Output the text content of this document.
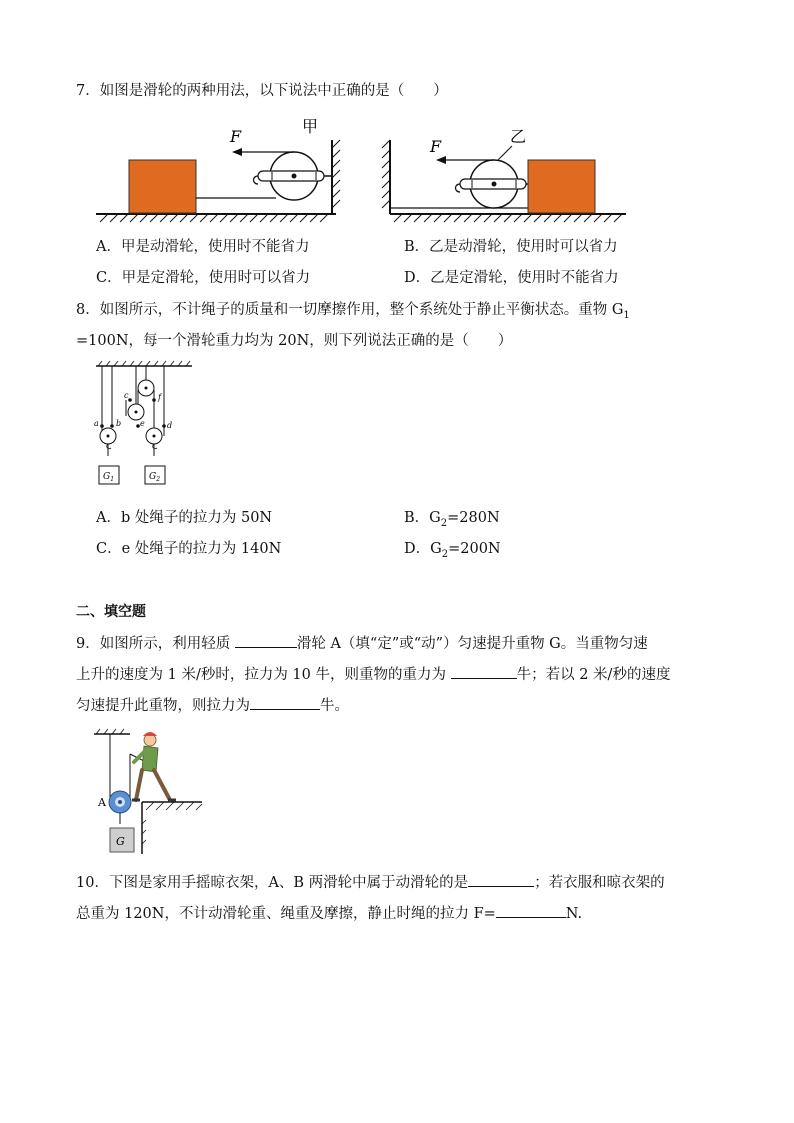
7．如图是滑轮的两种用法，以下说法中正确的是（　　）
F
甲
F
乙
A．甲是动滑轮，使用时不能省力	B．乙是动滑轮，使用时可以省力
C．甲是定滑轮，使用时可以省力	D．乙是定滑轮，使用时不能省力
8．如图所示，不计绳子的质量和一切摩擦作用，整个系统处于静止平衡状态。重物 $G_1$
=100N，每一个滑轮重力均为 20N，则下列说法正确的是（　　）
a b
c	f
e	d
$G_1$	$G_2$
A．b 处绳子的拉力为 50N	B．$G_2=280N$
C．e 处绳子的拉力为 140N	D．$G_2=200N$
二、填空题
9．如图所示，利用轻质	滑轮 A（填“定”或“动”）匀速提升重物 G。当重物匀速
上升的速度为 1 米/秒时，拉力为 10 牛，则重物的重力为	牛；若以 2 米/秒的速度
匀速提升此重物，则拉力为	牛。
A
G
10．下图是家用手摇晾衣架，A、B 两滑轮中属于动滑轮的是	；若衣服和晾衣架的
总重为 120N，不计动滑轮重、绳重及摩擦，静止时绳的拉力 F=	N.
